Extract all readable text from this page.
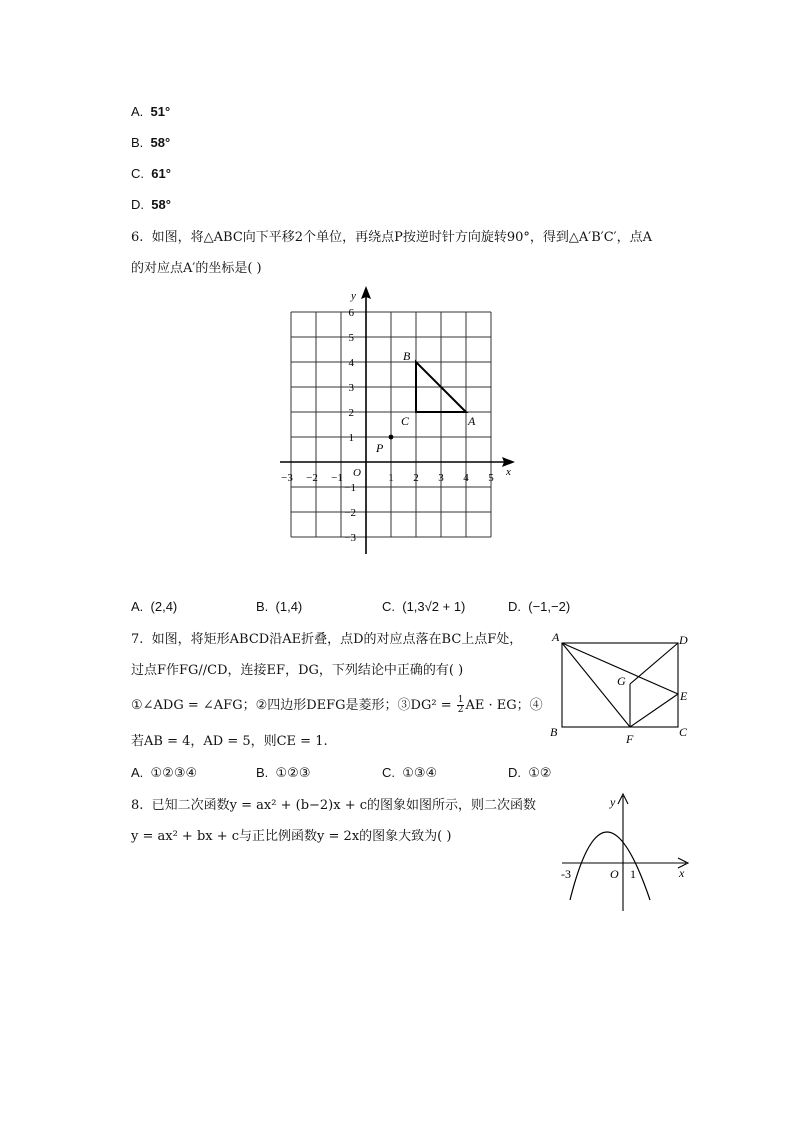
A. 51°
B. 58°
C. 61°
D. 58°
6. 如图，将△ABC向下平移2个单位，再绕点P按逆时针方向旋转90°，得到△A′B′C′，点A
的对应点A′的坐标是( )
x
y
O
−3 −2 −1	1 2 3 4 5
6
5
4
3
2
1
−1
−2
−3
B
C	A
P
A. (2,4)	B. (1,4)	C. (1,3√2 + 1)	D. (−1,−2)
7. 如图，将矩形ABCD沿AE折叠，点D的对应点落在BC上点F处，
过点F作FG//CD，连接EF，DG，下列结论中正确的有( )
①∠ADG = ∠AFG；②四边形DEFG是菱形；③DG² = $\frac{1}{2}$ AE · EG；④
若AB = 4，AD = 5，则CE = 1.
A	D
G
E
B	F	C
A. ①②③④	B. ①②③	C. ①③④	D. ①②
8. 已知二次函数y = ax² + (b−2)x + c的图象如图所示，则二次函数
y = ax² + bx + c与正比例函数y = 2x的图象大致为( )
x
y
O
-3	1
